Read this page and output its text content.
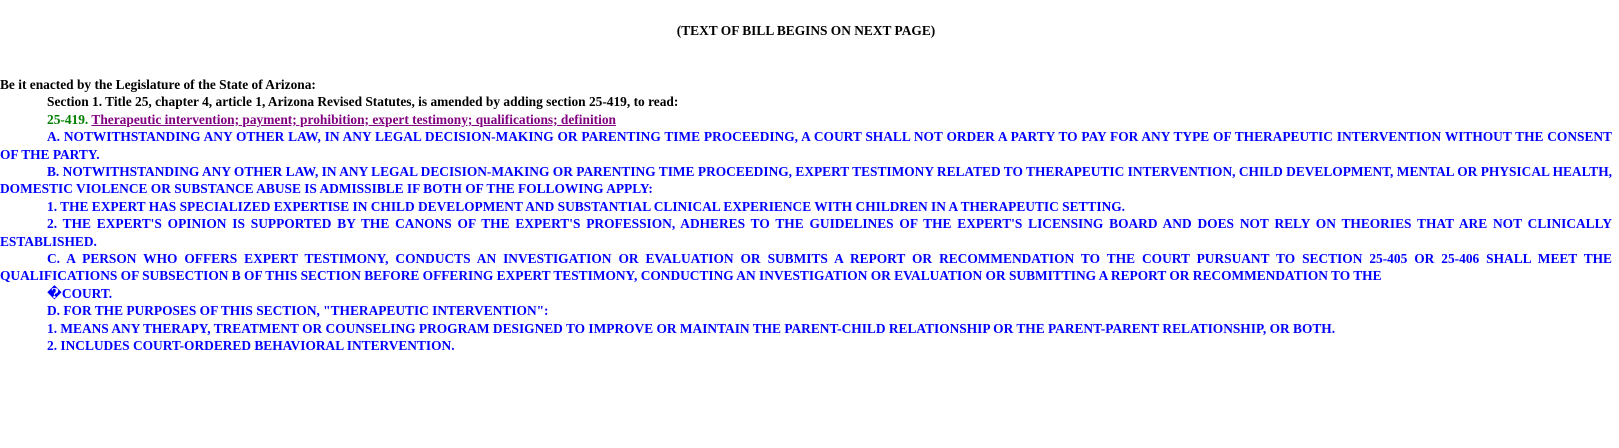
(TEXT OF BILL BEGINS ON NEXT PAGE)

Be it enacted by the Legislature of the State of Arizona:

Section 1. Title 25, chapter 4, article 1, Arizona Revised Statutes, is amended by adding section 25-419, to read:

25-419. Therapeutic intervention; payment; prohibition; expert testimony; qualifications; definition

A. NOTWITHSTANDING ANY OTHER LAW, IN ANY LEGAL DECISION-MAKING OR PARENTING TIME PROCEEDING, A COURT SHALL NOT ORDER A PARTY TO PAY FOR ANY TYPE OF THERAPEUTIC INTERVENTION WITHOUT THE CONSENT OF THE PARTY.

B. NOTWITHSTANDING ANY OTHER LAW, IN ANY LEGAL DECISION-MAKING OR PARENTING TIME PROCEEDING, EXPERT TESTIMONY RELATED TO THERAPEUTIC INTERVENTION, CHILD DEVELOPMENT, MENTAL OR PHYSICAL HEALTH, DOMESTIC VIOLENCE OR SUBSTANCE ABUSE IS ADMISSIBLE IF BOTH OF THE FOLLOWING APPLY:

1. THE EXPERT HAS SPECIALIZED EXPERTISE IN CHILD DEVELOPMENT AND SUBSTANTIAL CLINICAL EXPERIENCE WITH CHILDREN IN A THERAPEUTIC SETTING.

2. THE EXPERT'S OPINION IS SUPPORTED BY THE CANONS OF THE EXPERT'S PROFESSION, ADHERES TO THE GUIDELINES OF THE EXPERT'S LICENSING BOARD AND DOES NOT RELY ON THEORIES THAT ARE NOT CLINICALLY ESTABLISHED.

C. A PERSON WHO OFFERS EXPERT TESTIMONY, CONDUCTS AN INVESTIGATION OR EVALUATION OR SUBMITS A REPORT OR RECOMMENDATION TO THE COURT PURSUANT TO SECTION 25-405 OR 25-406 SHALL MEET THE QUALIFICATIONS OF SUBSECTION B OF THIS SECTION BEFORE OFFERING EXPERT TESTIMONY, CONDUCTING AN INVESTIGATION OR EVALUATION OR SUBMITTING A REPORT OR RECOMMENDATION TO THE

�COURT.

D. FOR THE PURPOSES OF THIS SECTION, "THERAPEUTIC INTERVENTION":

1. MEANS ANY THERAPY, TREATMENT OR COUNSELING PROGRAM DESIGNED TO IMPROVE OR MAINTAIN THE PARENT-CHILD RELATIONSHIP OR THE PARENT-PARENT RELATIONSHIP, OR BOTH.

2. INCLUDES COURT-ORDERED BEHAVIORAL INTERVENTION.
